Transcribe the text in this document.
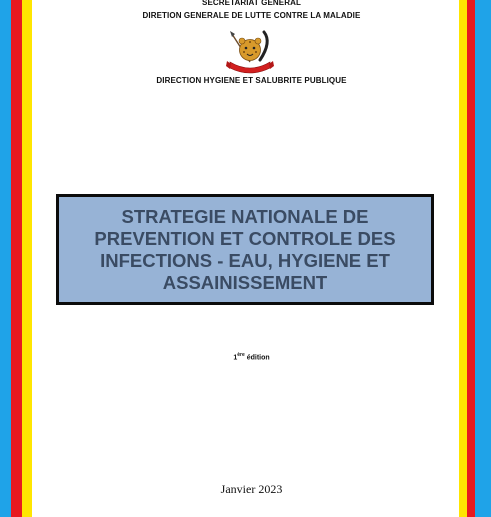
SECRETARIAT GENERAL
DIRETION GENERALE DE LUTTE CONTRE LA MALADIE
DIRECTION HYGIENE ET SALUBRITE PUBLIQUE
STRATEGIE NATIONALE DE PREVENTION ET CONTROLE DES INFECTIONS - EAU, HYGIENE ET ASSAINISSEMENT
1ère édition
Janvier 2023
